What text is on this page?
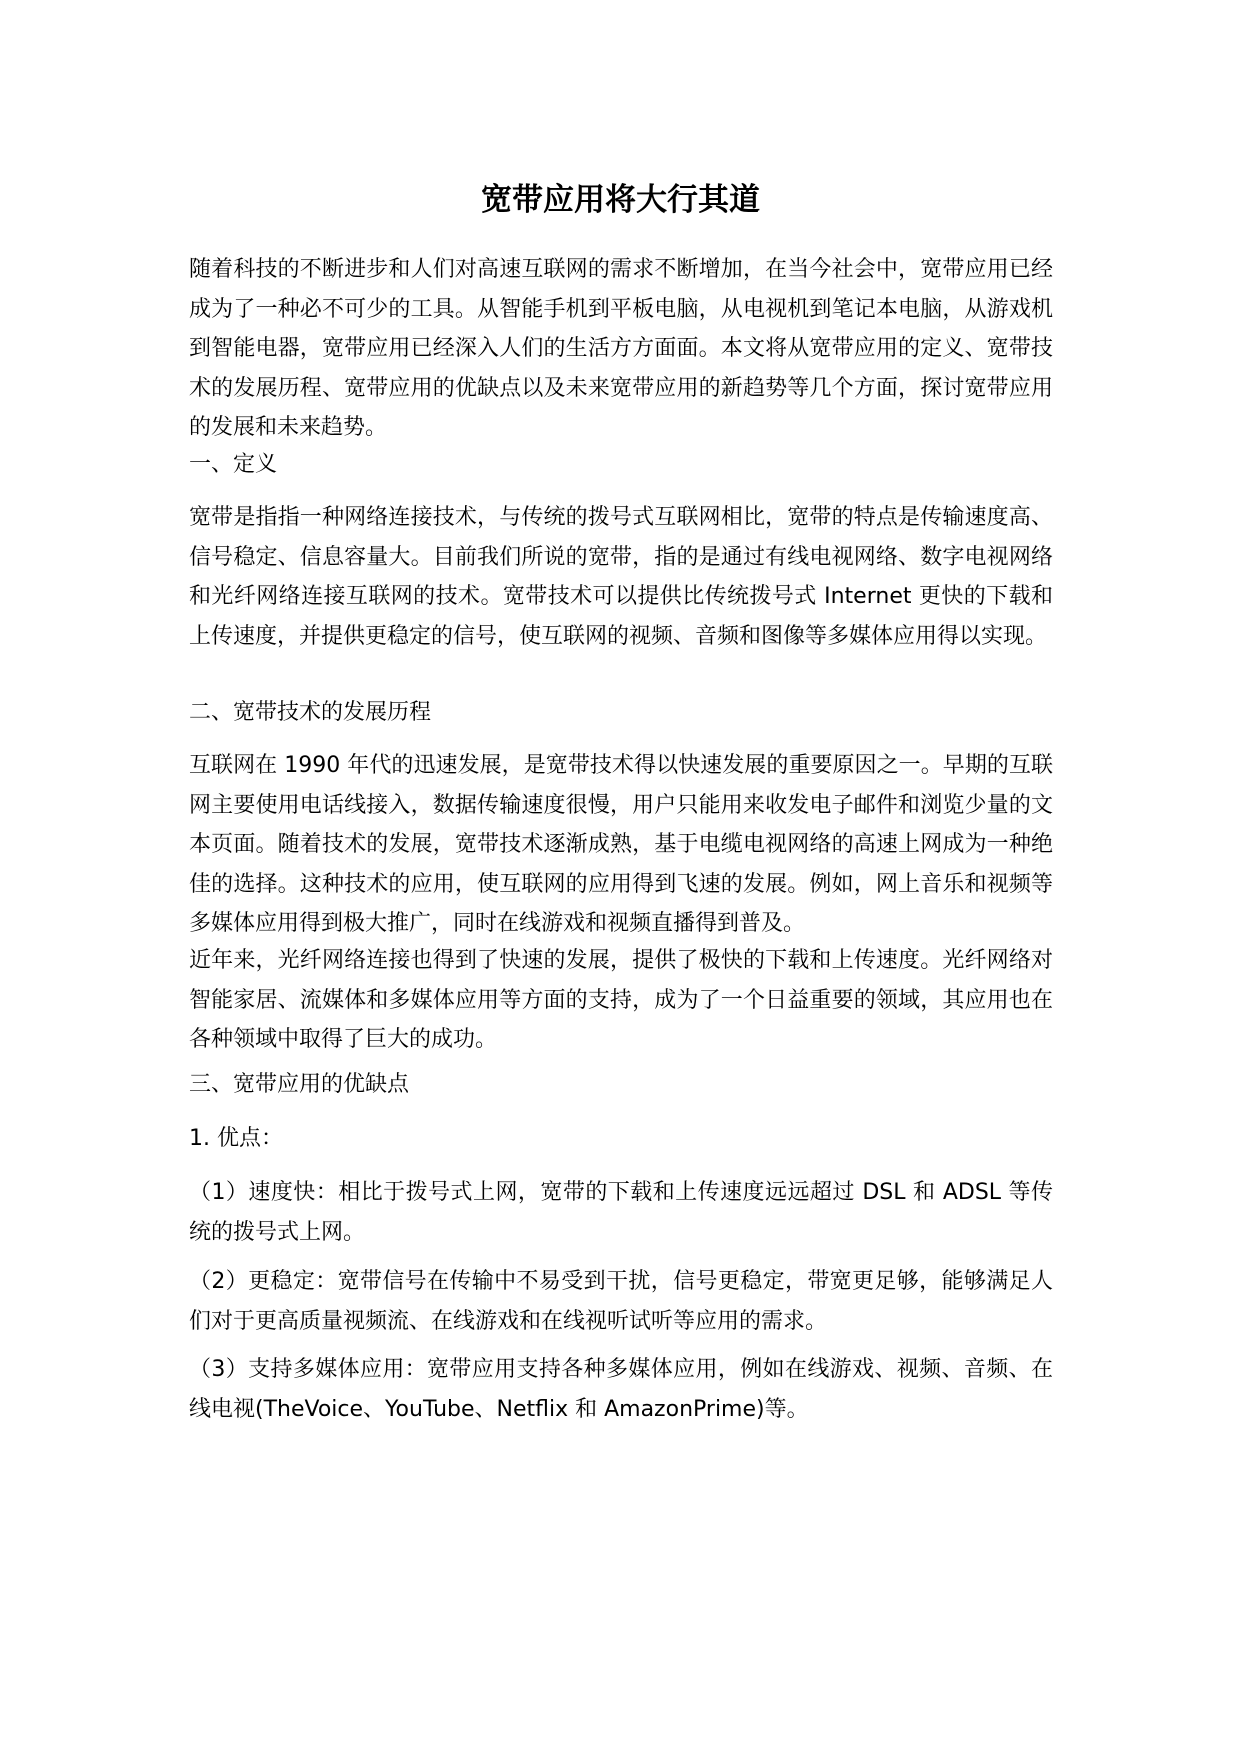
宽带应用将大行其道

随着科技的不断进步和人们对高速互联网的需求不断增加，在当今社会中，宽带应用已经成为了一种必不可少的工具。从智能手机到平板电脑，从电视机到笔记本电脑，从游戏机到智能电器，宽带应用已经深入人们的生活方方面面。本文将从宽带应用的定义、宽带技术的发展历程、宽带应用的优缺点以及未来宽带应用的新趋势等几个方面，探讨宽带应用的发展和未来趋势。

一、定义

宽带是指指一种网络连接技术，与传统的拨号式互联网相比，宽带的特点是传输速度高、信号稳定、信息容量大。目前我们所说的宽带，指的是通过有线电视网络、数字电视网络和光纤网络连接互联网的技术。宽带技术可以提供比传统拨号式 Internet 更快的下载和上传速度，并提供更稳定的信号，使互联网的视频、音频和图像等多媒体应用得以实现。

二、宽带技术的发展历程

互联网在 1990 年代的迅速发展，是宽带技术得以快速发展的重要原因之一。早期的互联网主要使用电话线接入，数据传输速度很慢，用户只能用来收发电子邮件和浏览少量的文本页面。随着技术的发展，宽带技术逐渐成熟，基于电缆电视网络的高速上网成为一种绝佳的选择。这种技术的应用，使互联网的应用得到飞速的发展。例如，网上音乐和视频等多媒体应用得到极大推广，同时在线游戏和视频直播得到普及。

近年来，光纤网络连接也得到了快速的发展，提供了极快的下载和上传速度。光纤网络对智能家居、流媒体和多媒体应用等方面的支持，成为了一个日益重要的领域，其应用也在各种领域中取得了巨大的成功。

三、宽带应用的优缺点

1. 优点：

（1）速度快：相比于拨号式上网，宽带的下载和上传速度远远超过 DSL 和 ADSL 等传统的拨号式上网。

（2）更稳定：宽带信号在传输中不易受到干扰，信号更稳定，带宽更足够，能够满足人们对于更高质量视频流、在线游戏和在线视听试听等应用的需求。

（3）支持多媒体应用：宽带应用支持各种多媒体应用，例如在线游戏、视频、音频、在线电视(TheVoice、YouTube、Netflix 和 AmazonPrime)等。
